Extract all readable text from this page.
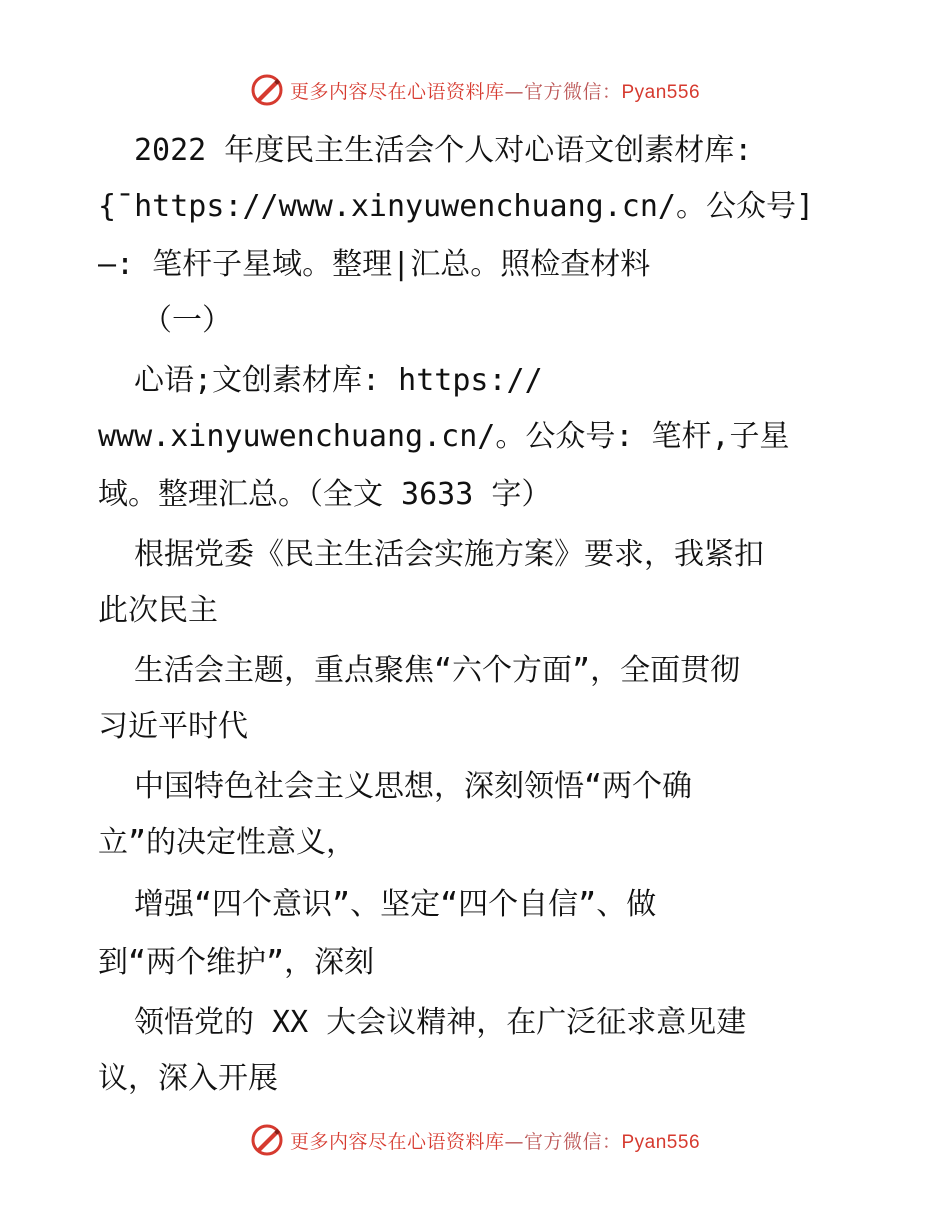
更多内容尽在心语资料库—官方微信：Pyan556
2022 年度民主生活会个人对心语文创素材库:
{¯https://www.xinyuwenchuang.cn/。公众号]
—: 笔杆子星域。整理|汇总。照检查材料
（一）
心语;文创素材库: https://
www.xinyuwenchuang.cn/。公众号: 笔杆,子星
域。整理汇总。（全文 3633 字）
根据党委《民主生活会实施方案》要求，我紧扣
此次民主
生活会主题，重点聚焦“六个方面”，全面贯彻
习近平时代
中国特色社会主义思想，深刻领悟“两个确
立”的决定性意义，
增强“四个意识”、坚定“四个自信”、做
到“两个维护”，深刻
领悟党的 XX 大会议精神，在广泛征求意见建
议，深入开展
更多内容尽在心语资料库—官方微信：Pyan556
